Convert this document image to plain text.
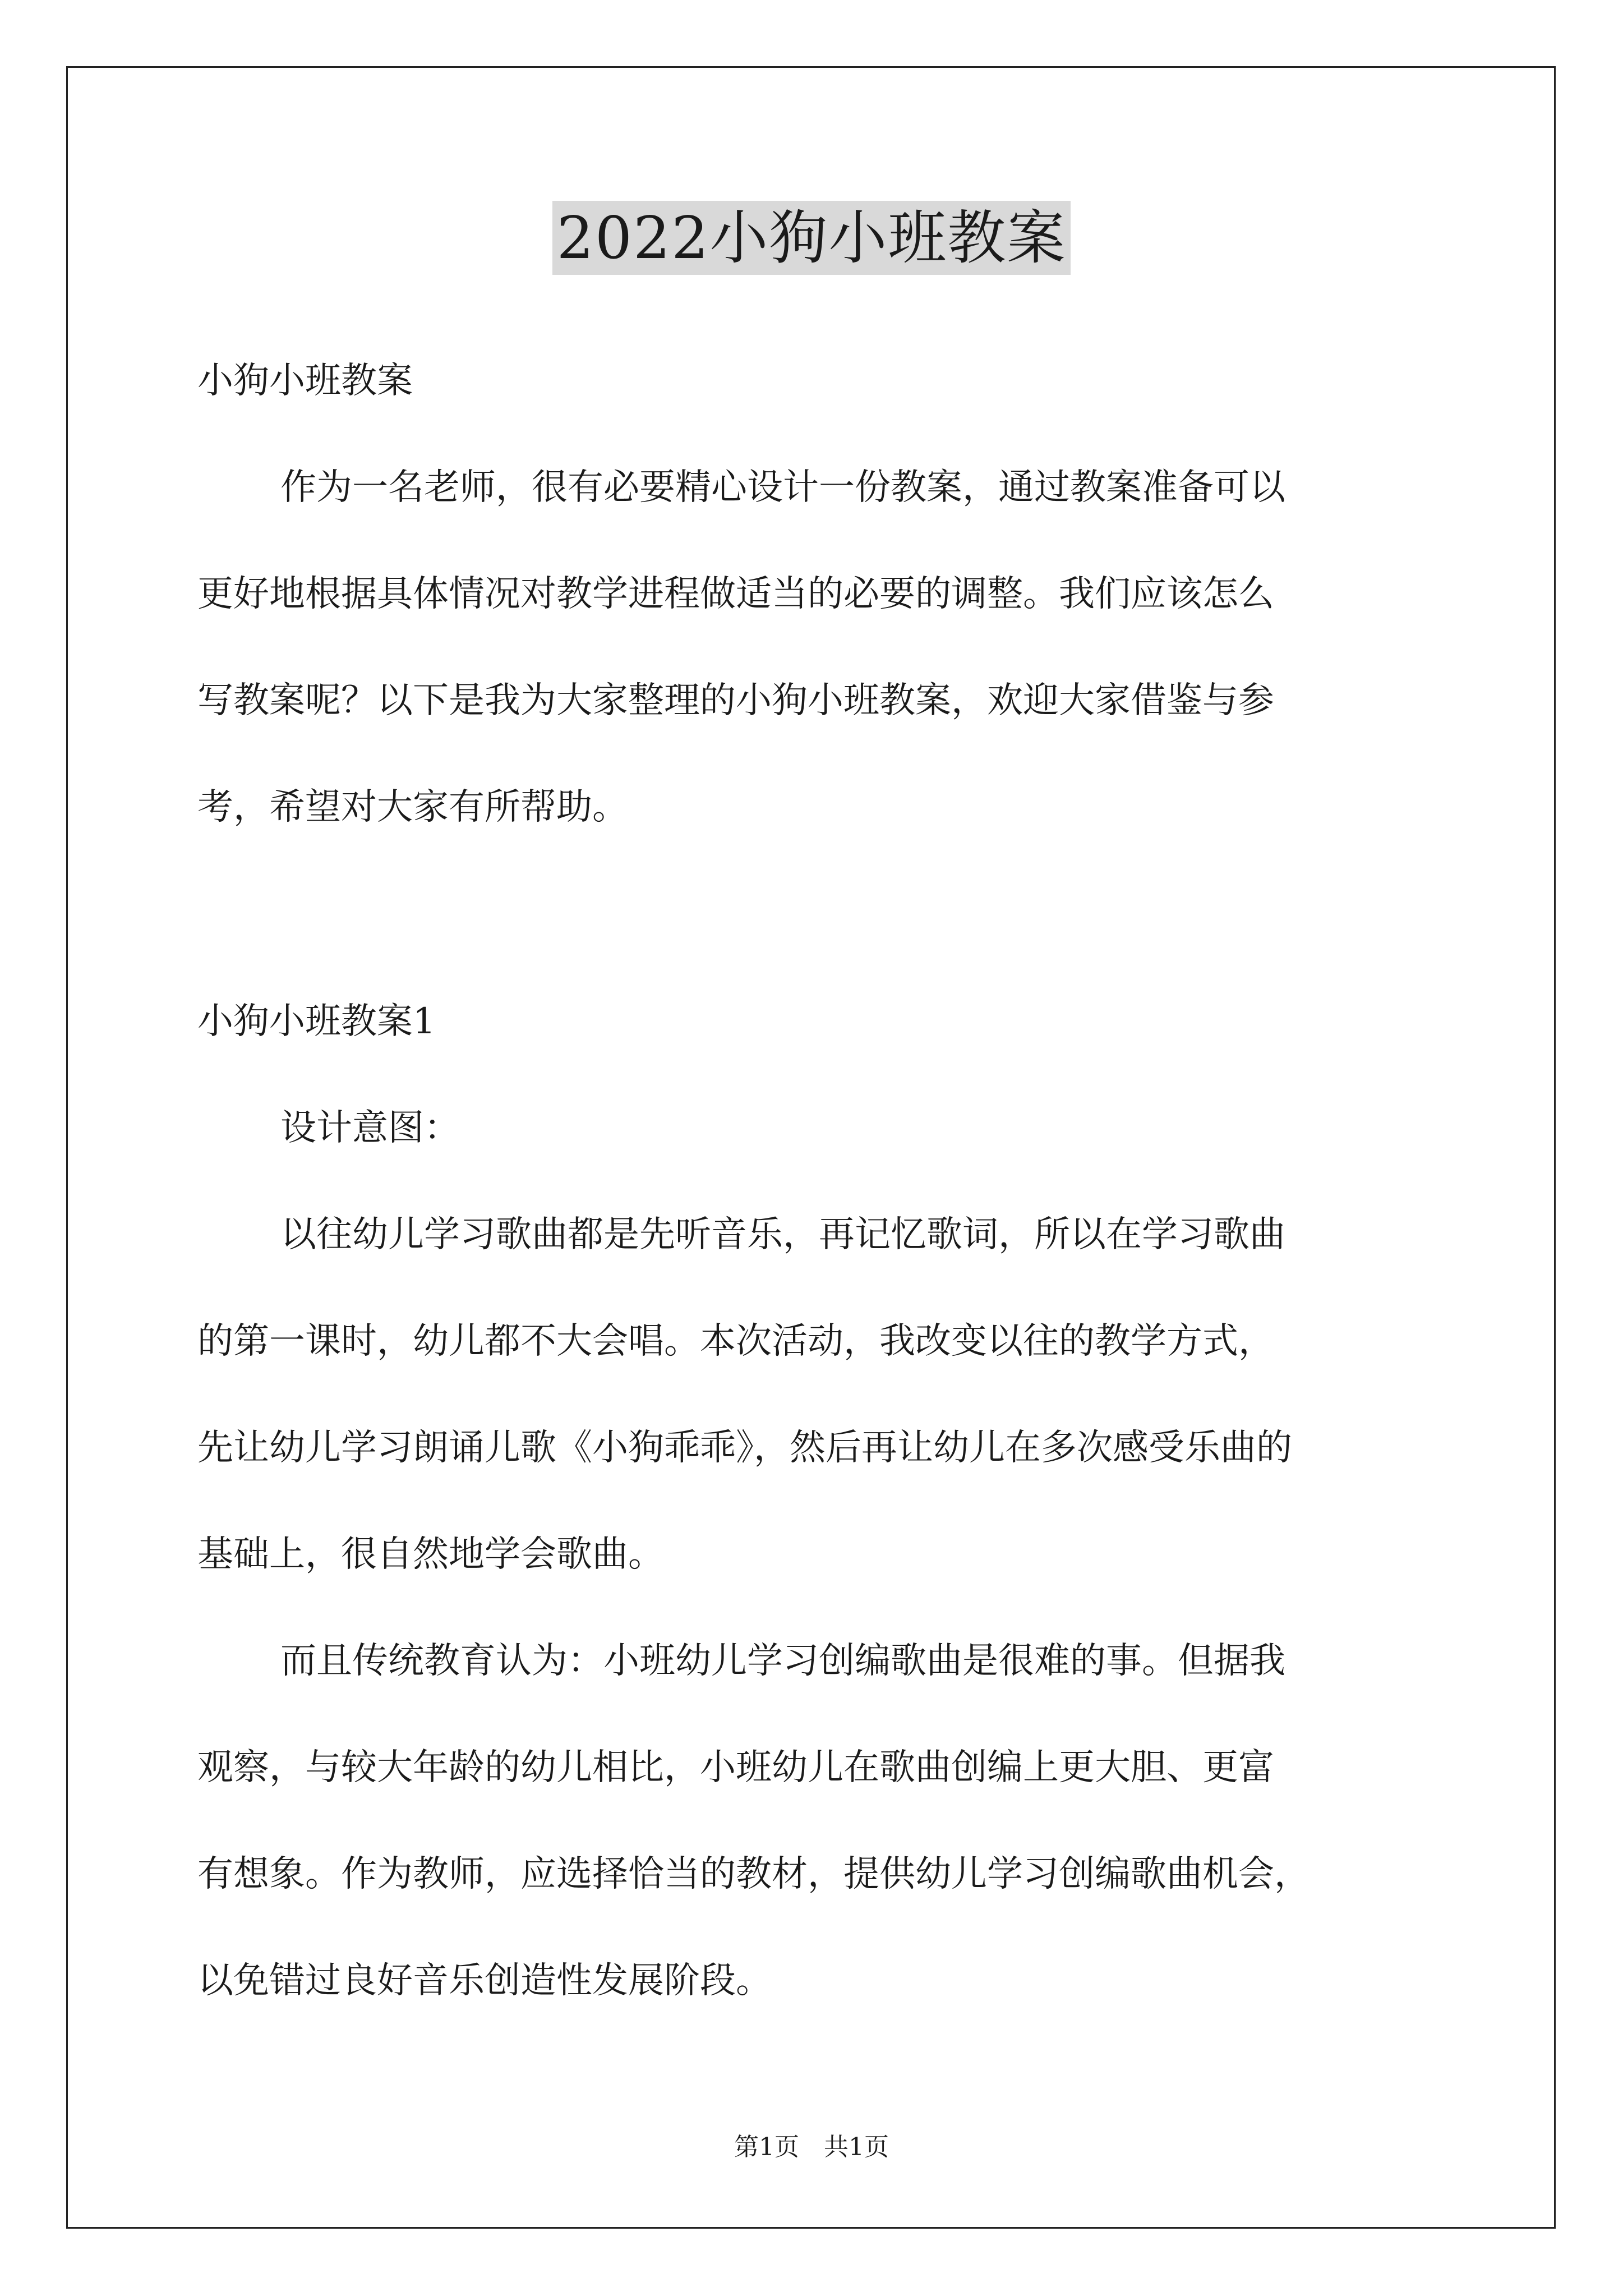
2022小狗小班教案
小狗小班教案
作为一名老师，很有必要精心设计一份教案，通过教案准备可以
更好地根据具体情况对教学进程做适当的必要的调整。我们应该怎么
写教案呢？以下是我为大家整理的小狗小班教案，欢迎大家借鉴与参
考，希望对大家有所帮助。
小狗小班教案1
设计意图：
以往幼儿学习歌曲都是先听音乐，再记忆歌词，所以在学习歌曲
的第一课时，幼儿都不大会唱。本次活动，我改变以往的教学方式，
先让幼儿学习朗诵儿歌《小狗乖乖》，然后再让幼儿在多次感受乐曲的
基础上，很自然地学会歌曲。
而且传统教育认为：小班幼儿学习创编歌曲是很难的事。但据我
观察，与较大年龄的幼儿相比，小班幼儿在歌曲创编上更大胆、更富
有想象。作为教师，应选择恰当的教材，提供幼儿学习创编歌曲机会，
以免错过良好音乐创造性发展阶段。
第1页　共1页
